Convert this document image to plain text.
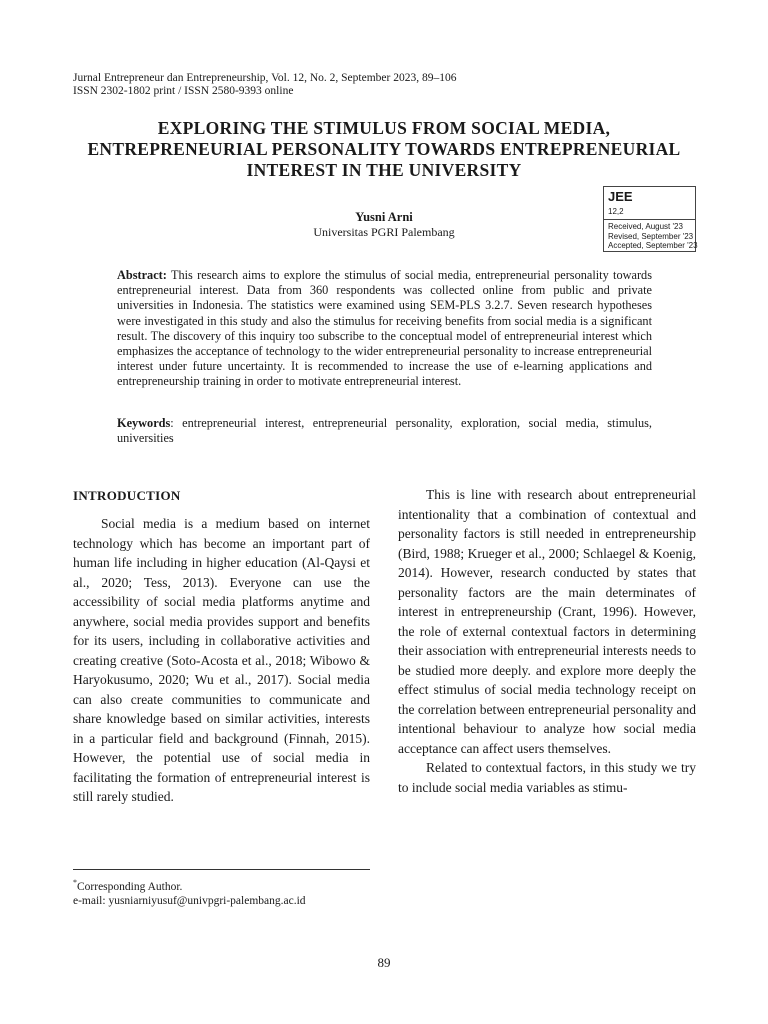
Jurnal Entrepreneur dan Entrepreneurship, Vol. 12, No. 2, September 2023, 89–106
ISSN 2302-1802 print / ISSN 2580-9393 online
EXPLORING THE STIMULUS FROM SOCIAL MEDIA,
ENTREPRENEURIAL PERSONALITY TOWARDS ENTREPRENEURIAL
INTEREST IN THE UNIVERSITY
JEE
12,2
Received, August '23
Revised, September '23
Accepted, September '23
Yusni Arni
Universitas PGRI Palembang
Abstract: This research aims to explore the stimulus of social media, entrepreneurial personality towards entrepreneurial interest. Data from 360 respondents was collected online from public and private universities in Indonesia. The statistics were examined using SEM-PLS 3.2.7. Seven research hypotheses were investigated in this study and also the stimulus for receiving benefits from social media is a significant result. The discovery of this inquiry too subscribe to the conceptual model of entrepreneurial interest which emphasizes the acceptance of technology to the wider entrepreneurial personality to increase entrepreneurial interest under future uncertainty. It is recommended to increase the use of e-learning applications and entrepreneurship training in order to motivate entrepreneurial interest.
Keywords: entrepreneurial interest, entrepreneurial personality, exploration, social media, stimulus, universities
INTRODUCTION

Social media is a medium based on internet technology which has become an important part of human life including in higher education (Al-Qaysi et al., 2020; Tess, 2013). Everyone can use the accessibility of social media platforms anytime and anywhere, social media provides support and benefits for its users, including in collaborative activities and creating creative (Soto-Acosta et al., 2018; Wibowo & Haryokusumo, 2020; Wu et al., 2017). Social media can also create communities to communicate and share knowledge based on similar activities, interests in a particular field and background (Finnah, 2015). However, the potential use of social media in facilitating the formation of entrepreneurial interest is still rarely studied.

This is line with research about entrepreneurial intentionality that a combination of contextual and personality factors is still needed in entrepreneurship (Bird, 1988; Krueger et al., 2000; Schlaegel & Koenig, 2014). However, research conducted by states that personality factors are the main determinates of interest in entrepreneurship (Crant, 1996). However, the role of external contextual factors in determining their association with entrepreneurial interests needs to be studied more deeply. and explore more deeply the effect stimulus of social media technology receipt on the correlation between entrepreneurial personality and intentional behaviour to analyze how social media acceptance can affect users themselves.

Related to contextual factors, in this study we try to include social media variables as stimu-

*Corresponding Author.
e-mail: yusniarniyusuf@univpgri-palembang.ac.id
89
